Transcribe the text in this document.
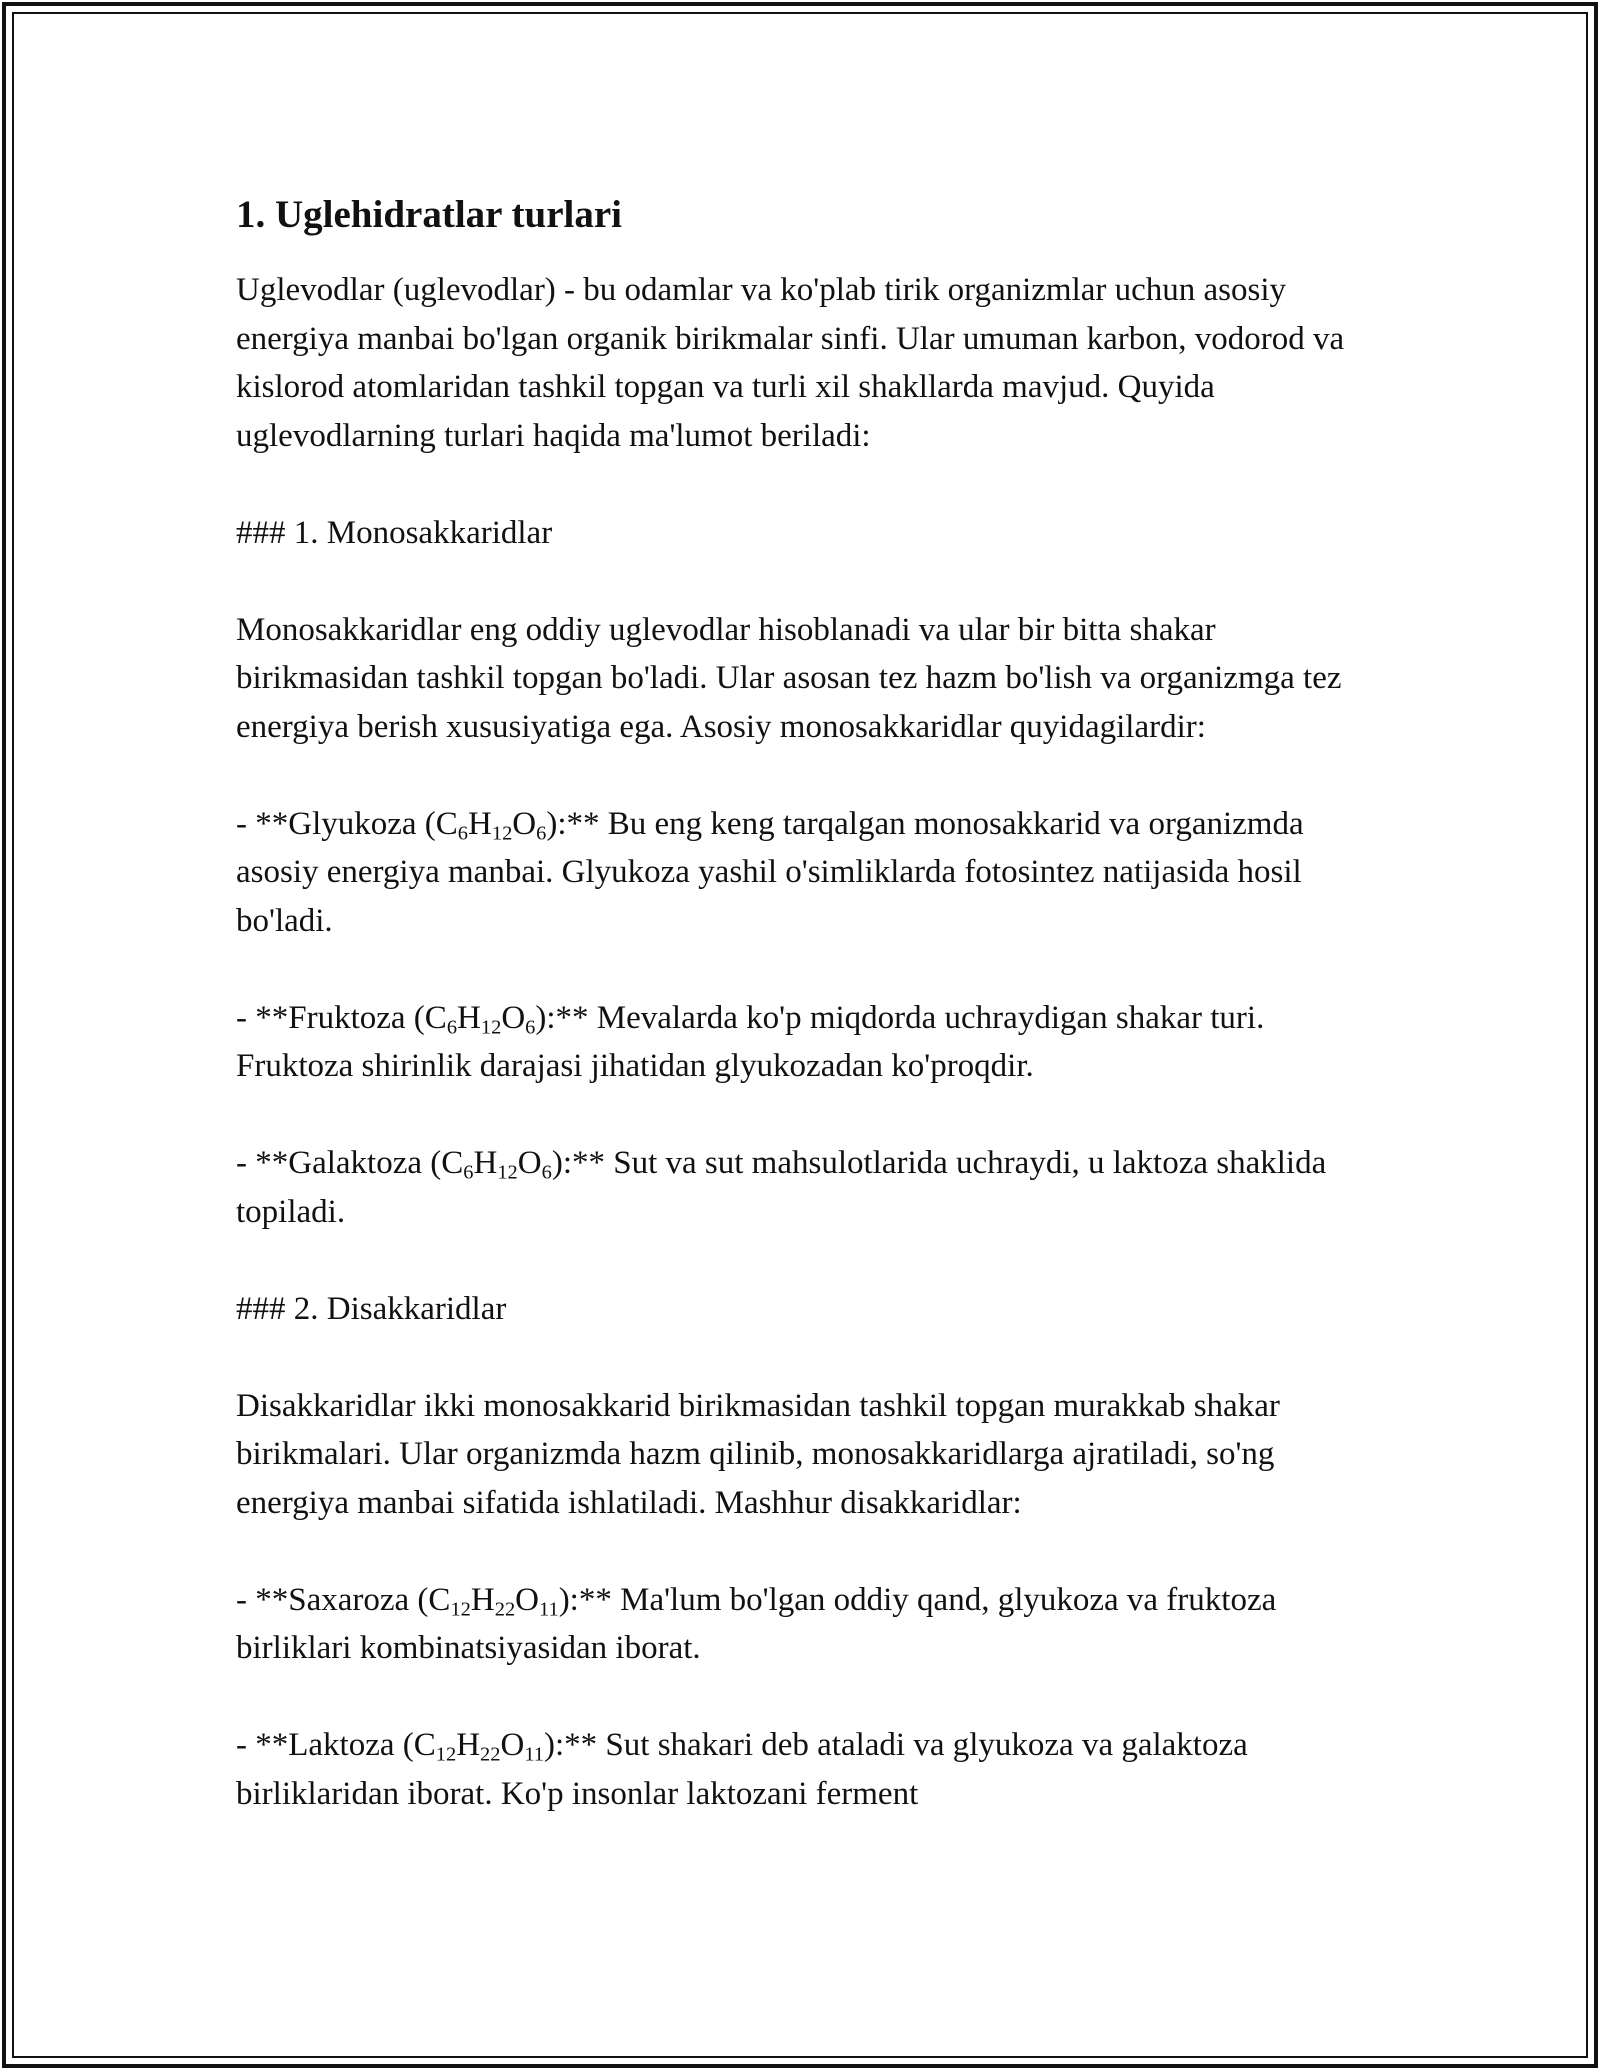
1. Uglehidratlar turlari

Uglevodlar (uglevodlar) - bu odamlar va ko'plab tirik organizmlar uchun asosiy energiya manbai bo'lgan organik birikmalar sinfi. Ular umuman karbon, vodorod va kislorod atomlaridan tashkil topgan va turli xil shakllarda mavjud. Quyida uglevodlarning turlari haqida ma'lumot beriladi:

### 1. Monosakkaridlar

Monosakkaridlar eng oddiy uglevodlar hisoblanadi va ular bir bitta shakar birikmasidan tashkil topgan bo'ladi. Ular asosan tez hazm bo'lish va organizmga tez energiya berish xususiyatiga ega. Asosiy monosakkaridlar quyidagilardir:

- **Glyukoza $(C_6H_{12}O_6):**$ Bu eng keng tarqalgan monosakkarid va organizmda asosiy energiya manbai. Glyukoza yashil o'simliklarda fotosintez natijasida hosil bo'ladi.

- **Fruktoza $(C_6H_{12}O_6):**$ Mevalarda ko'p miqdorda uchraydigan shakar turi. Fruktoza shirinlik darajasi jihatidan glyukozadan ko'proqdir.

- **Galaktoza $(C_6H_{12}O_6):**$ Sut va sut mahsulotlarida uchraydi, u laktoza shaklida topiladi.

### 2. Disakkaridlar

Disakkaridlar ikki monosakkarid birikmasidan tashkil topgan murakkab shakar birikmalari. Ular organizmda hazm qilinib, monosakkaridlarga ajratiladi, so'ng energiya manbai sifatida ishlatiladi. Mashhur disakkaridlar:

- **Saxaroza $(C_{12}H_{22}O_{11}):**$ Ma'lum bo'lgan oddiy qand, glyukoza va fruktoza birliklari kombinatsiyasidan iborat.

- **Laktoza $(C_{12}H_{22}O_{11}):**$ Sut shakari deb ataladi va glyukoza va galaktoza birliklaridan iborat. Ko'p insonlar laktozani ferment
